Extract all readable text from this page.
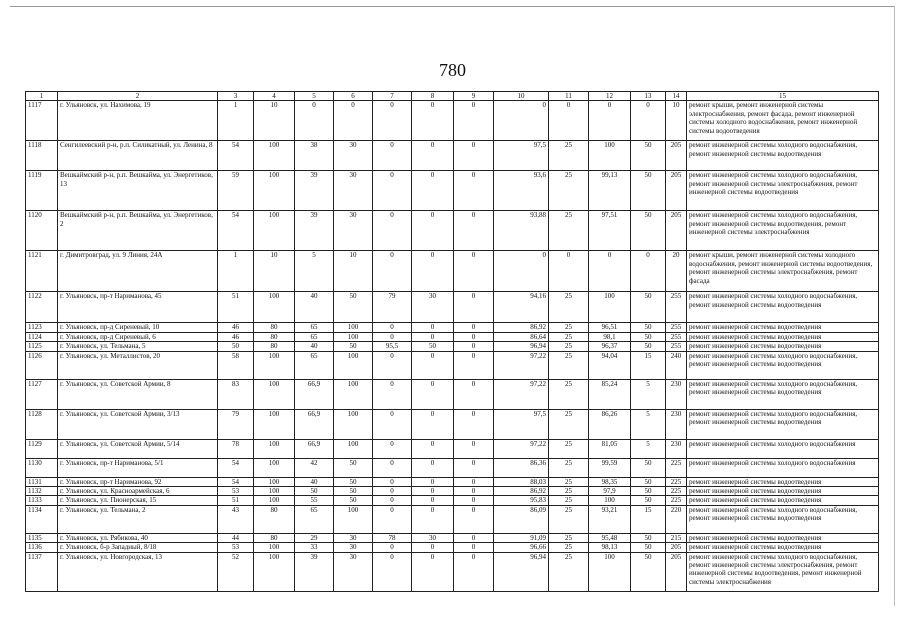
780
1	2	3	4	5	6	7	8	9	10	11	12	13	14	15
1117	г. Ульяновск, ул. Нахимова, 19	1	10	0	0	0	0	0	0	0	0	0	10	ремонт крыши, ремонт инженерной системы электроснабжения, ремонт фасада, ремонт инженерной системы холодного водоснабжения, ремонт инженерной системы водоотведения
1118	Сенгилеевский р-н, р.п. Силикатный, ул. Ленина, 8	54	100	38	30	0	0	0	97,5	25	100	50	205	ремонт инженерной системы холодного водоснабжения, ремонт инженерной системы водоотведения
1119	Вешкаймский р-н, р.п. Вешкайма, ул. Энергетиков, 13	59	100	39	30	0	0	0	93,6	25	99,13	50	205	ремонт инженерной системы холодного водоснабжения, ремонт инженерной системы электроснабжения, ремонт инженерной системы водоотведения
1120	Вешкаймский р-н, р.п. Вешкайма, ул. Энергетиков, 2	54	100	39	30	0	0	0	93,88	25	97,51	50	205	ремонт инженерной системы холодного водоснабжения, ремонт инженерной системы водоотведения, ремонт инженерной системы электроснабжения
1121	г. Димитровград, ул. 9 Линия, 24А	1	10	5	10	0	0	0	0	0	0	0	20	ремонт крыши, ремонт инженерной системы холодного водоснабжения, ремонт инженерной системы водоотведения, ремонт инженерной системы электроснабжения, ремонт фасада
1122	г. Ульяновск, пр-т Нариманова, 45	51	100	40	50	79	30	0	94,16	25	100	50	255	ремонт инженерной системы холодного водоснабжения, ремонт инженерной системы водоотведения
1123	г. Ульяновск, пр-д Сиреневый, 10	46	80	65	100	0	0	0	86,92	25	96,51	50	255	ремонт инженерной системы водоотведения
1124	г. Ульяновск, пр-д Сиреневый, 6	46	80	65	100	0	0	0	86,64	25	98,1	50	255	ремонт инженерной системы водоотведения
1125	г. Ульяновск, ул. Тельмана, 5	50	80	40	50	95,5	50	0	96,94	25	96,37	50	255	ремонт инженерной системы водоотведения
1126	г. Ульяновск, ул. Металлистов, 20	58	100	65	100	0	0	0	97,22	25	94,04	15	240	ремонт инженерной системы холодного водоснабжения, ремонт инженерной системы водоотведения
1127	г. Ульяновск, ул. Советской Армии, 8	83	100	66,9	100	0	0	0	97,22	25	85,24	5	230	ремонт инженерной системы холодного водоснабжения, ремонт инженерной системы водоотведения
1128	г. Ульяновск, ул. Советской Армии, 3/13	79	100	66,9	100	0	0	0	97,5	25	86,26	5	230	ремонт инженерной системы холодного водоснабжения, ремонт инженерной системы водоотведения
1129	г. Ульяновск, ул. Советской Армии, 5/14	78	100	66,9	100	0	0	0	97,22	25	81,05	5	230	ремонт инженерной системы холодного водоснабжения
1130	г. Ульяновск, пр-т Нариманова, 5/1	54	100	42	50	0	0	0	86,36	25	99,59	50	225	ремонт инженерной системы холодного водоснабжения
1131	г. Ульяновск, пр-т Нариманова, 92	54	100	40	50	0	0	0	88,03	25	98,35	50	225	ремонт инженерной системы водоотведения
1132	г. Ульяновск, ул. Красноармейская, 6	53	100	50	50	0	0	0	86,92	25	97,9	50	225	ремонт инженерной системы водоотведения
1133	г. Ульяновск, ул. Пионерская, 15	51	100	55	50	0	0	0	95,83	25	100	50	225	ремонт инженерной системы водоотведения
1134	г. Ульяновск, ул. Тельмана, 2	43	80	65	100	0	0	0	86,09	25	93,21	15	220	ремонт инженерной системы холодного водоснабжения, ремонт инженерной системы водоотведения
1135	г. Ульяновск, ул. Рябикова, 40	44	80	29	30	78	30	0	91,09	25	95,48	50	215	ремонт инженерной системы водоотведения
1136	г. Ульяновск, б-р Западный, 8/18	53	100	33	30	0	0	0	96,66	25	98,13	50	205	ремонт инженерной системы водоотведения
1137	г. Ульяновск, ул. Новгородская, 13	52	100	39	30	0	0	0	96,94	25	100	50	205	ремонт инженерной системы холодного водоснабжения, ремонт инженерной системы электроснабжения, ремонт инженерной системы водоотведения, ремонт инженерной системы электроснабжения
